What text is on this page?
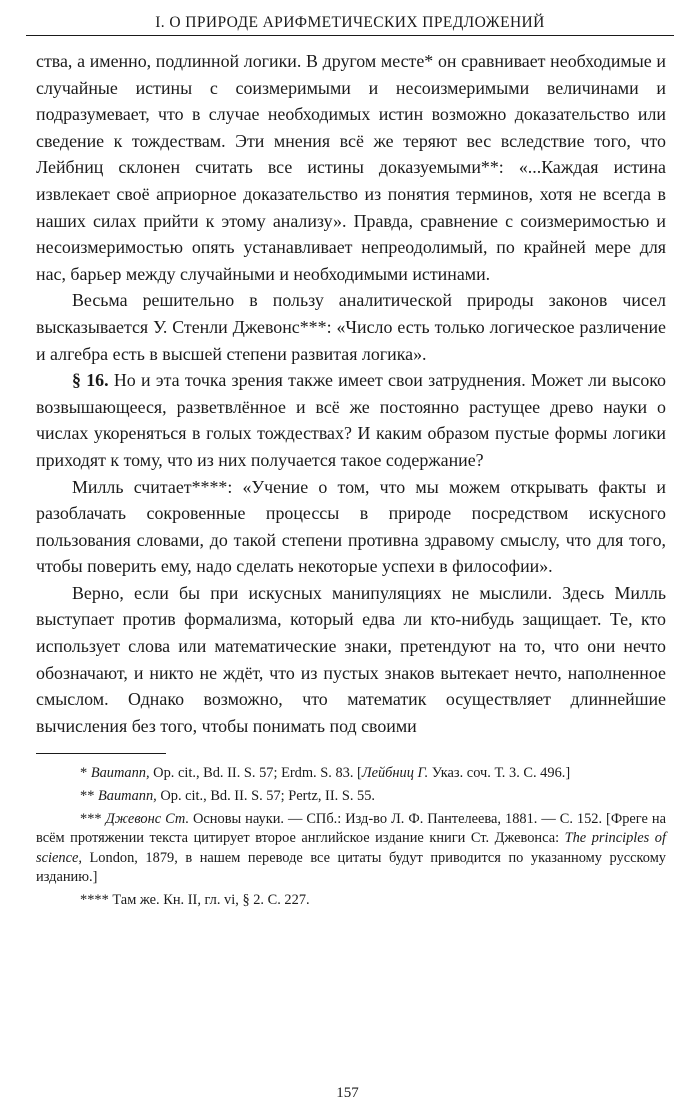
I. О ПРИРОДЕ АРИФМЕТИЧЕСКИХ ПРЕДЛОЖЕНИЙ

ства, а именно, подлинной логики. В другом месте* он сравнивает необходимые и случайные истины с соизмеримыми и несоизмеримыми величинами и подразумевает, что в случае необходимых истин возможно доказательство или сведение к тождествам. Эти мнения всё же теряют вес вследствие того, что Лейбниц склонен считать все истины доказуемыми**: «...Каждая истина извлекает своё априорное доказательство из понятия терминов, хотя не всегда в наших силах прийти к этому анализу». Правда, сравнение с соизмеримостью и несоизмеримостью опять устанавливает непреодолимый, по крайней мере для нас, барьер между случайными и необходимыми истинами.

Весьма решительно в пользу аналитической природы законов чисел высказывается У. Стенли Джевонс***: «Число есть только логическое различение и алгебра есть в высшей степени развитая логика».

§ 16. Но и эта точка зрения также имеет свои затруднения. Может ли высоко возвышающееся, разветвлённое и всё же постоянно растущее древо науки о числах укореняться в голых тождествах? И каким образом пустые формы логики приходят к тому, что из них получается такое содержание?

Милль считает****: «Учение о том, что мы можем открывать факты и разоблачать сокровенные процессы в природе посредством искусного пользования словами, до такой степени противна здравому смыслу, что для того, чтобы поверить ему, надо сделать некоторые успехи в философии».

Верно, если бы при искусных манипуляциях не мыслили. Здесь Милль выступает против формализма, который едва ли кто-нибудь защищает. Те, кто использует слова или математические знаки, претендуют на то, что они нечто обозначают, и никто не ждёт, что из пустых знаков вытекает нечто, наполненное смыслом. Однако возможно, что математик осуществляет длиннейшие вычисления без того, чтобы понимать под своими

* Baumann, Op. cit., Bd. II. S. 57; Erdm. S. 83. [Лейбниц Г. Указ. соч. Т. 3. С. 496.]

** Baumann, Op. cit., Bd. II. S. 57; Pertz, II. S. 55.

*** Джевонс Ст. Основы науки. — СПб.: Изд-во Л. Ф. Пантелеева, 1881. — С. 152. [Фреге на всём протяжении текста цитирует второе английское издание книги Ст. Джевонса: The principles of science, London, 1879, в нашем переводе все цитаты будут приводится по указанному русскому изданию.]

**** Там же. Кн. II, гл. vi, § 2. С. 227.

157
